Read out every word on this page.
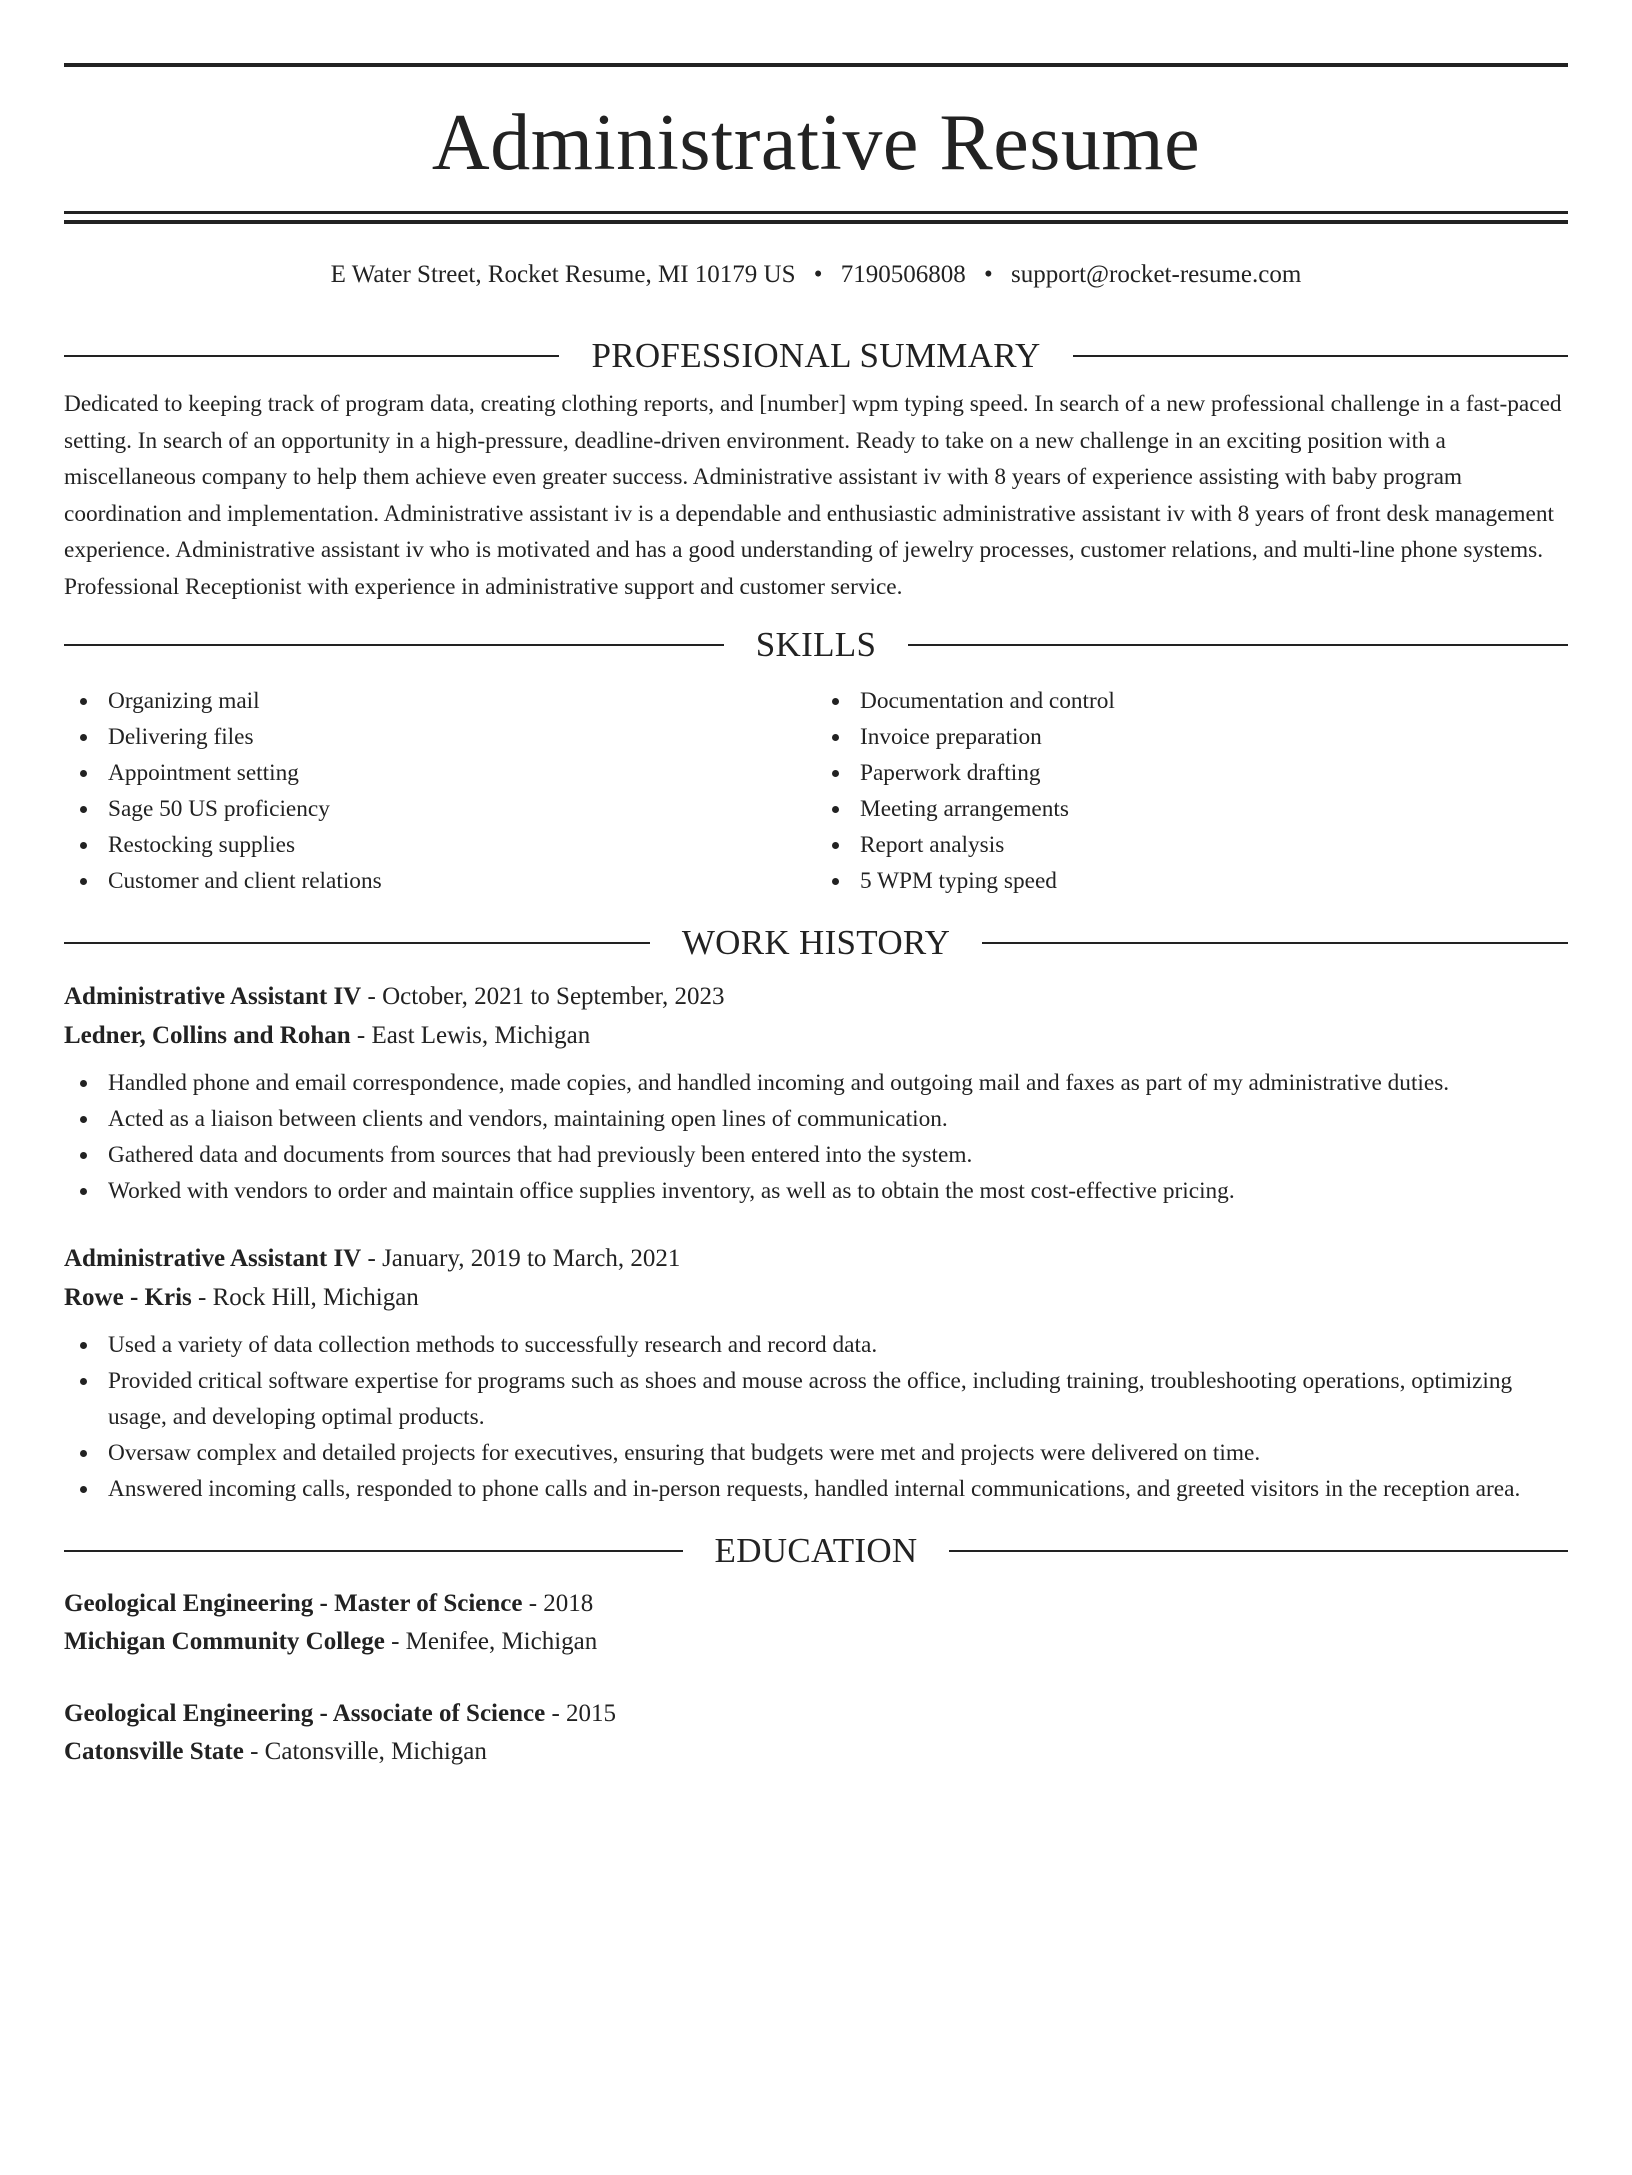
Administrative Resume
E Water Street, Rocket Resume, MI 10179 US • 7190506808 • support@rocket-resume.com
PROFESSIONAL SUMMARY
Dedicated to keeping track of program data, creating clothing reports, and [number] wpm typing speed. In search of a new professional challenge in a fast-paced setting. In search of an opportunity in a high-pressure, deadline-driven environment. Ready to take on a new challenge in an exciting position with a miscellaneous company to help them achieve even greater success. Administrative assistant iv with 8 years of experience assisting with baby program coordination and implementation. Administrative assistant iv is a dependable and enthusiastic administrative assistant iv with 8 years of front desk management experience. Administrative assistant iv who is motivated and has a good understanding of jewelry processes, customer relations, and multi-line phone systems. Professional Receptionist with experience in administrative support and customer service.
SKILLS
Organizing mail
Delivering files
Appointment setting
Sage 50 US proficiency
Restocking supplies
Customer and client relations
Documentation and control
Invoice preparation
Paperwork drafting
Meeting arrangements
Report analysis
5 WPM typing speed
WORK HISTORY
Administrative Assistant IV - October, 2021 to September, 2023
Ledner, Collins and Rohan - East Lewis, Michigan
Handled phone and email correspondence, made copies, and handled incoming and outgoing mail and faxes as part of my administrative duties.
Acted as a liaison between clients and vendors, maintaining open lines of communication.
Gathered data and documents from sources that had previously been entered into the system.
Worked with vendors to order and maintain office supplies inventory, as well as to obtain the most cost-effective pricing.
Administrative Assistant IV - January, 2019 to March, 2021
Rowe - Kris - Rock Hill, Michigan
Used a variety of data collection methods to successfully research and record data.
Provided critical software expertise for programs such as shoes and mouse across the office, including training, troubleshooting operations, optimizing usage, and developing optimal products.
Oversaw complex and detailed projects for executives, ensuring that budgets were met and projects were delivered on time.
Answered incoming calls, responded to phone calls and in-person requests, handled internal communications, and greeted visitors in the reception area.
EDUCATION
Geological Engineering - Master of Science - 2018
Michigan Community College - Menifee, Michigan
Geological Engineering - Associate of Science - 2015
Catonsville State - Catonsville, Michigan
